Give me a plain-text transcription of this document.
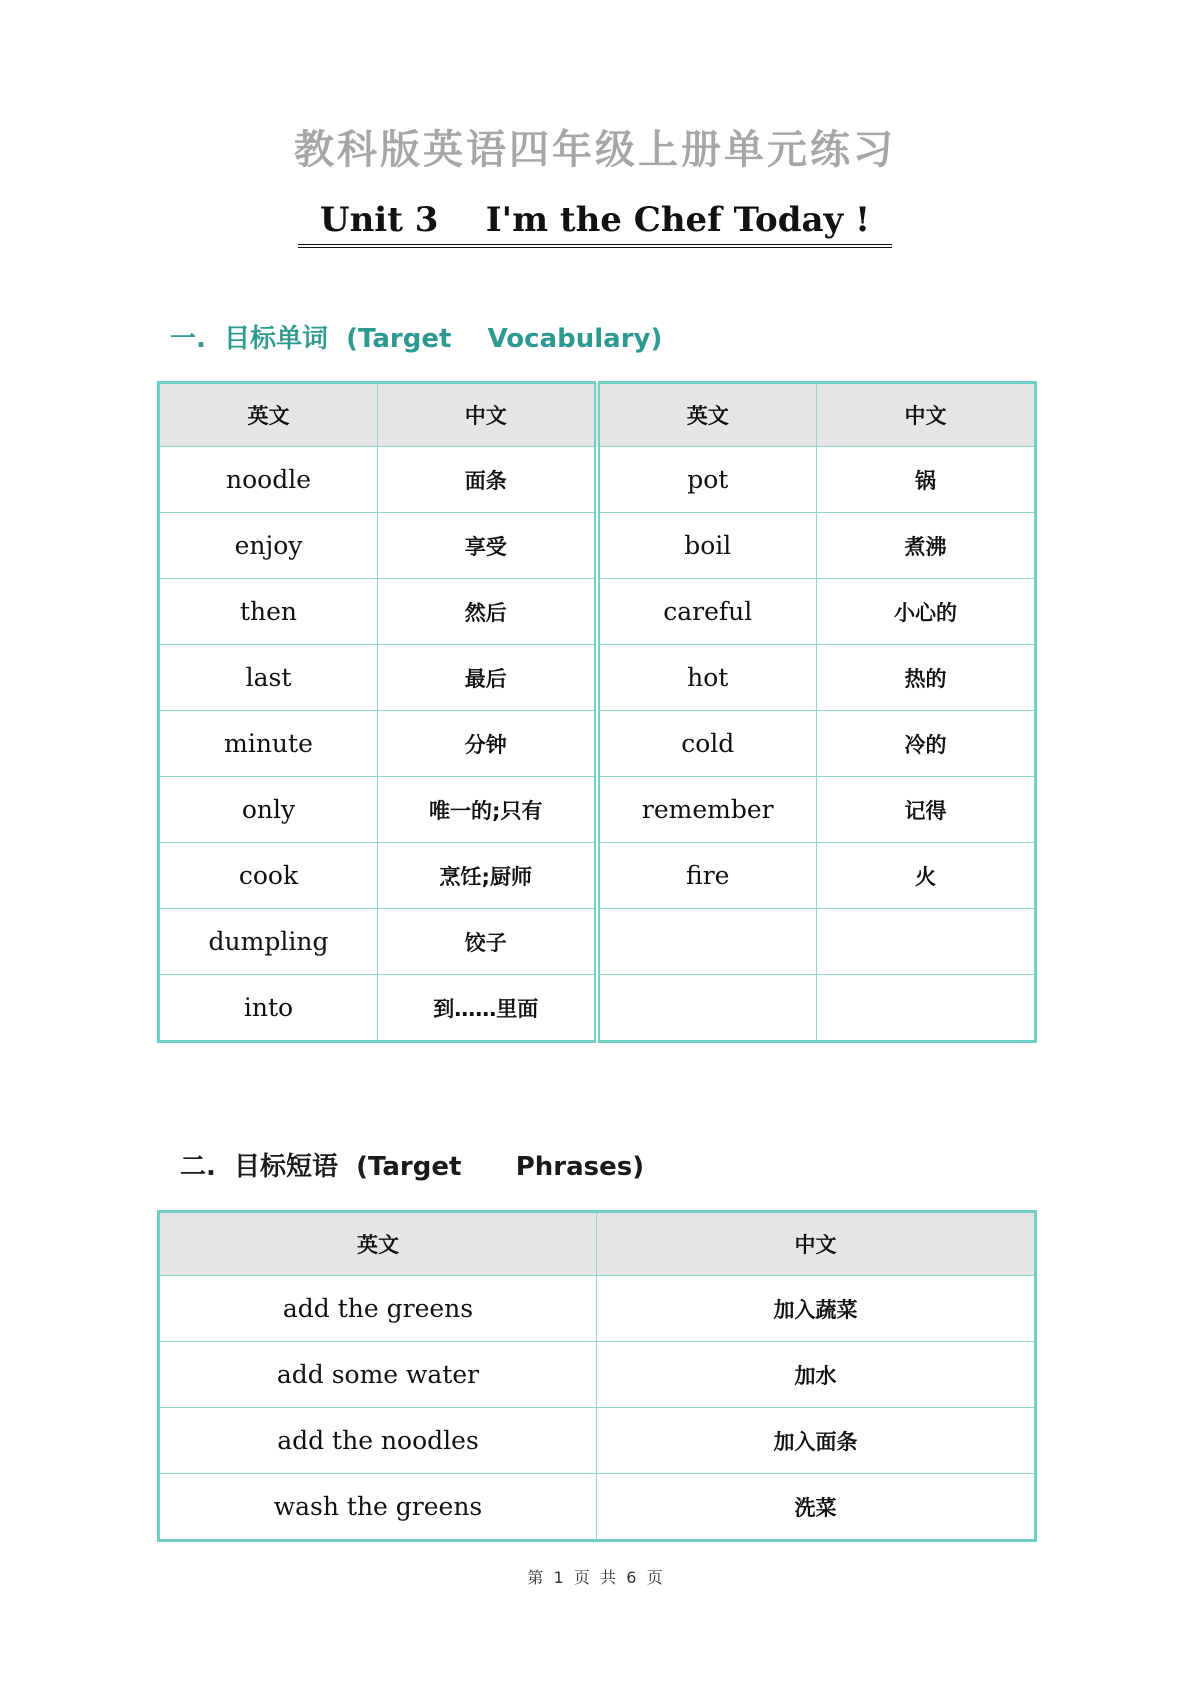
教科版英语四年级上册单元练习
Unit 3    I'm the Chef Today !
一.  目标单词  (Target    Vocabulary)
英文	中文	英文	中文
noodle	面条	pot	锅
enjoy	享受	boil	煮沸
then	然后	careful	小心的
last	最后	hot	热的
minute	分钟	cold	冷的
only	唯一的;只有	remember	记得
cook	烹饪;厨师	fire	火
dumpling	饺子		
into	到……里面		
二.  目标短语  (Target      Phrases)
英文	中文
add the greens	加入蔬菜
add some water	加水
add the noodles	加入面条
wash the greens	洗菜
第  1  页  共  6  页
